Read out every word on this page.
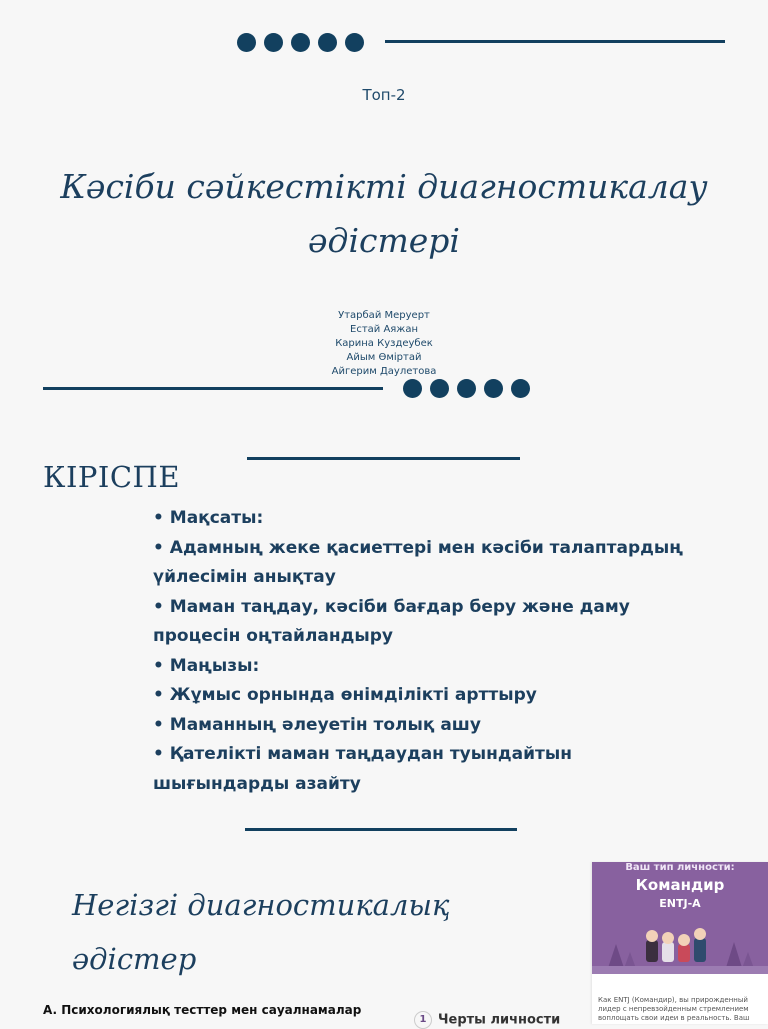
Топ-2
Кәсіби сәйкестікті диагностикалау әдістері
Утарбай Меруерт
Естай Аяжан
Карина Куздеубек
Айым Өміртай
Айгерим Даулетова
КІРІСПЕ
• Мақсаты:
• Адамның жеке қасиеттері мен кәсіби талаптардың үйлесімін анықтау
• Маман таңдау, кәсіби бағдар беру және даму процесін оңтайландыру
• Маңызы:
• Жұмыс орнында өнімділікті арттыру
• Маманның әлеуетін толық ашу
• Қателікті маман таңдаудан туындайтын шығындарды азайту
Негізгі диагностикалық әдістер
A. Психологиялық тесттер мен сауалнамалар
Ваш тип личности:
Командир
ENTJ-A
Как ENTJ (Командир), вы прирожденный лидер с непревзойденным стремлением воплощать свои идеи в реальность. Ваш
1 Черты личности
